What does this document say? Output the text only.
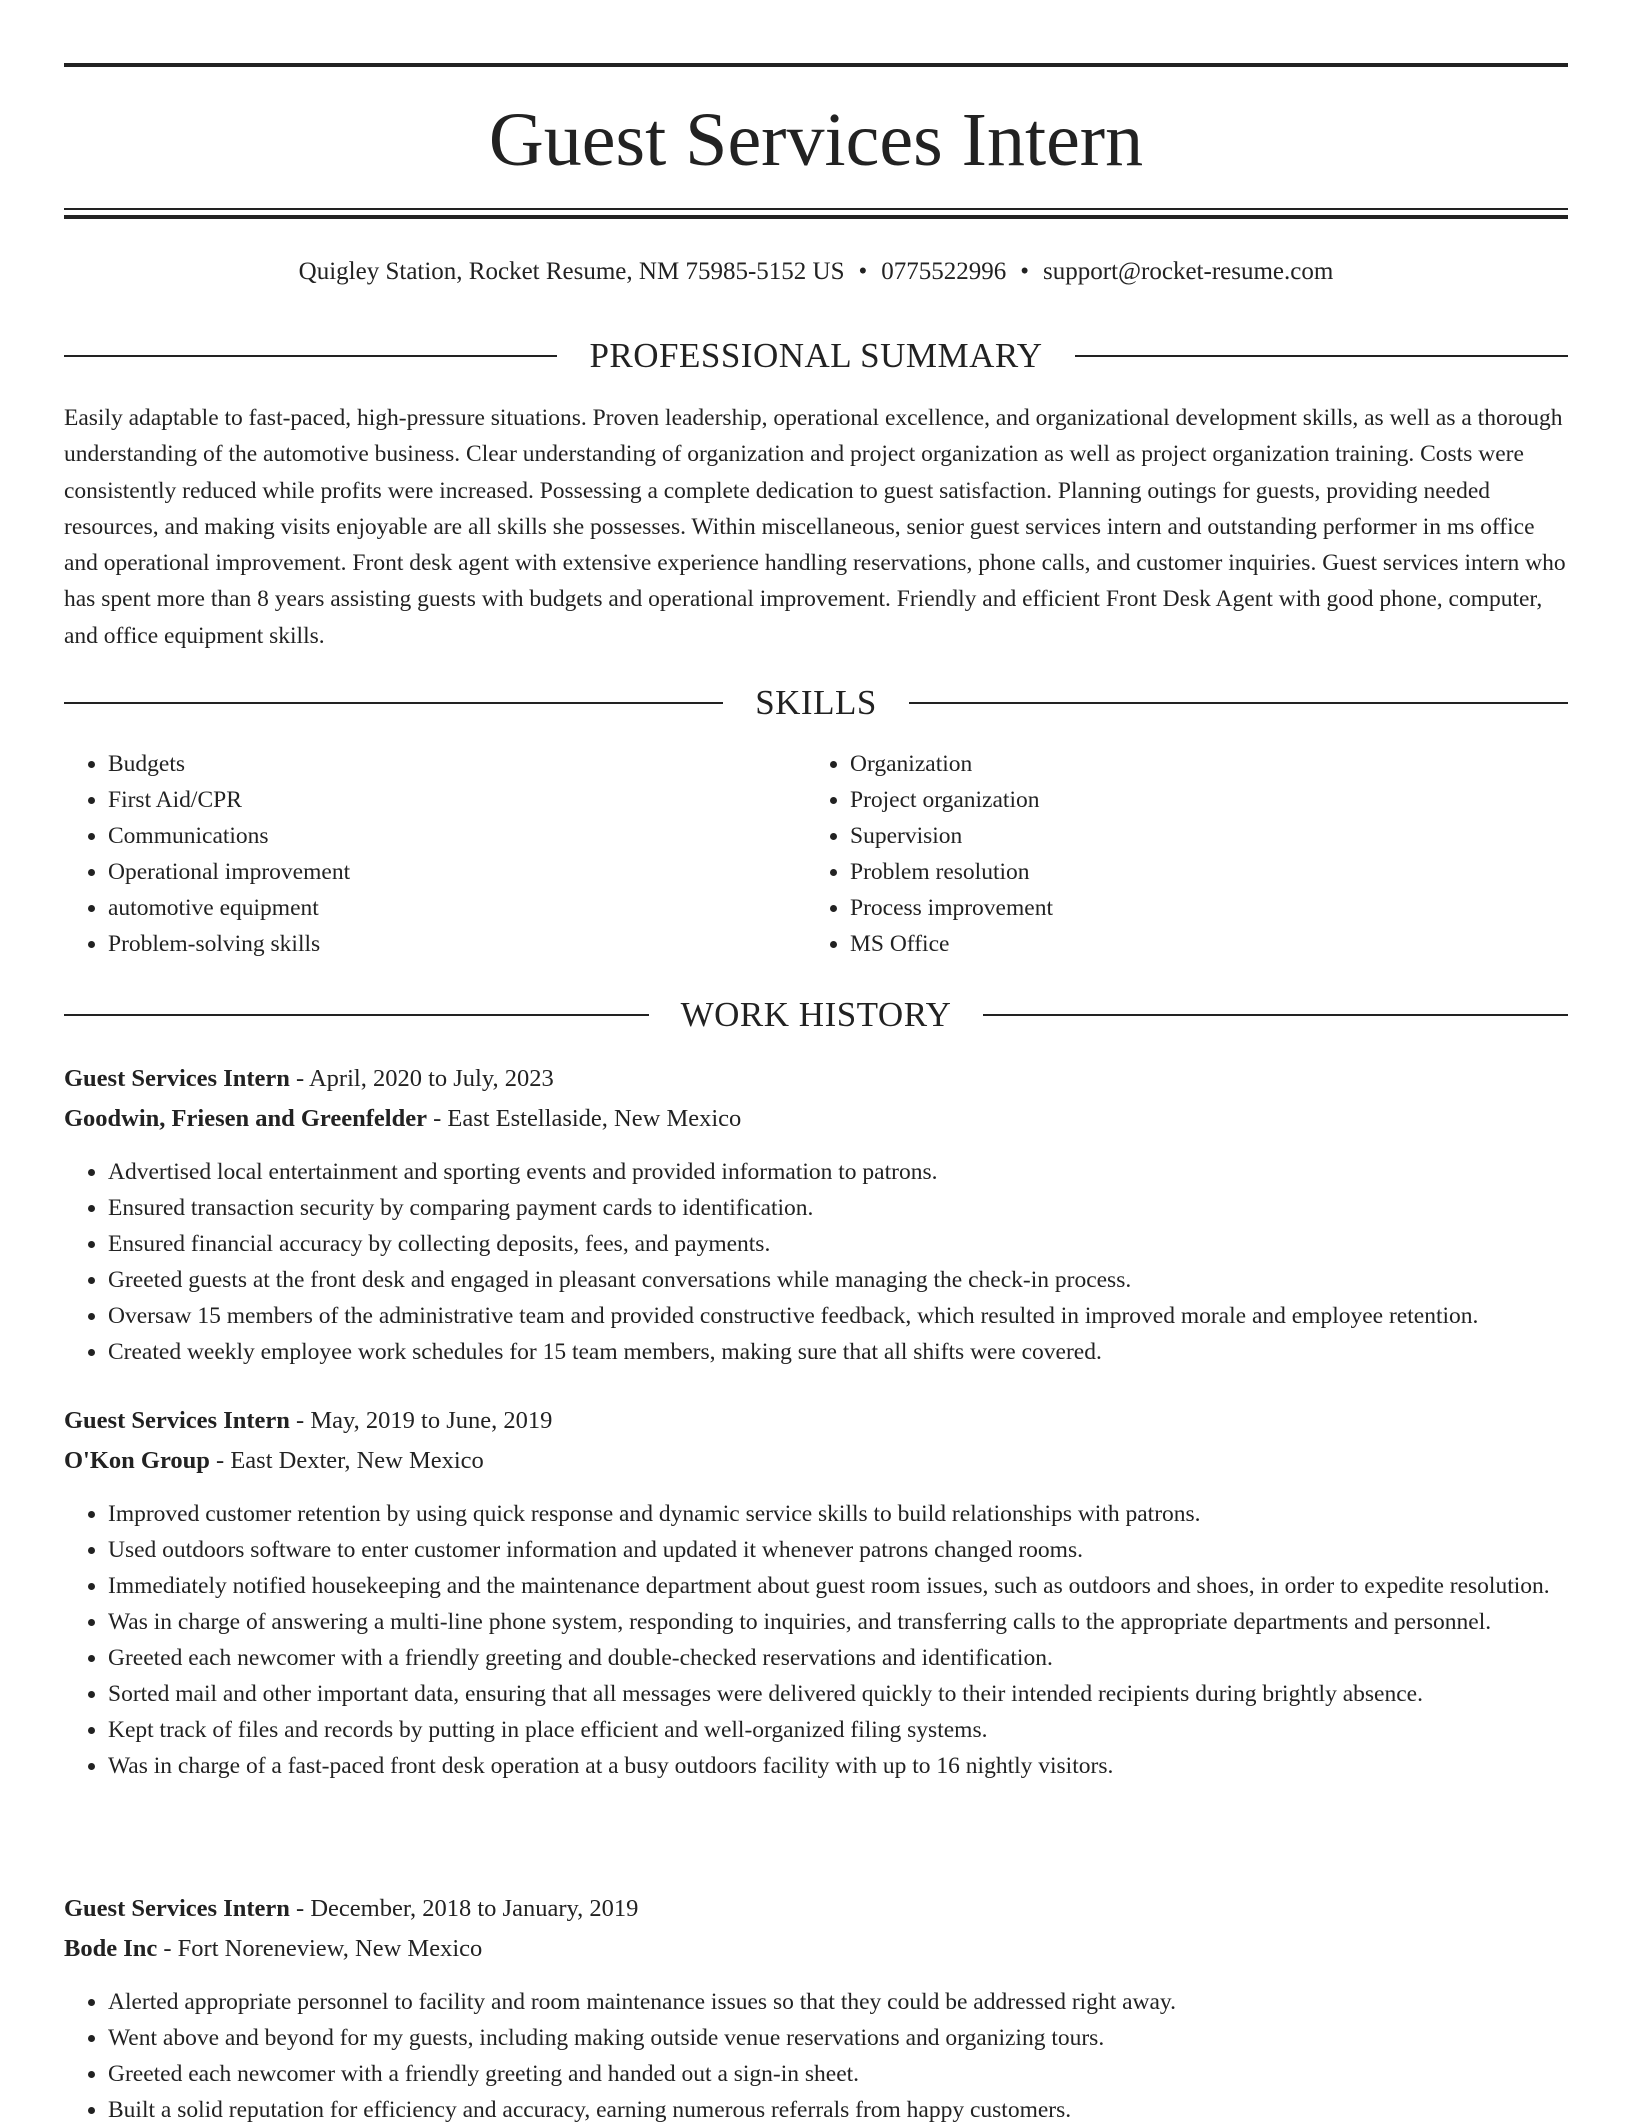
Guest Services Intern
Quigley Station, Rocket Resume, NM 75985-5152 US • 0775522996 • support@rocket-resume.com
PROFESSIONAL SUMMARY

Easily adaptable to fast-paced, high-pressure situations. Proven leadership, operational excellence, and organizational development skills, as well as a thorough understanding of the automotive business. Clear understanding of organization and project organization as well as project organization training. Costs were consistently reduced while profits were increased. Possessing a complete dedication to guest satisfaction. Planning outings for guests, providing needed resources, and making visits enjoyable are all skills she possesses. Within miscellaneous, senior guest services intern and outstanding performer in ms office and operational improvement. Front desk agent with extensive experience handling reservations, phone calls, and customer inquiries. Guest services intern who has spent more than 8 years assisting guests with budgets and operational improvement. Friendly and efficient Front Desk Agent with good phone, computer, and office equipment skills.

SKILLS
• Budgets
• First Aid/CPR
• Communications
• Operational improvement
• automotive equipment
• Problem-solving skills
• Organization
• Project organization
• Supervision
• Problem resolution
• Process improvement
• MS Office
WORK HISTORY
Guest Services Intern - April, 2020 to July, 2023
Goodwin, Friesen and Greenfelder - East Estellaside, New Mexico
• Advertised local entertainment and sporting events and provided information to patrons.
• Ensured transaction security by comparing payment cards to identification.
• Ensured financial accuracy by collecting deposits, fees, and payments.
• Greeted guests at the front desk and engaged in pleasant conversations while managing the check-in process.
• Oversaw 15 members of the administrative team and provided constructive feedback, which resulted in improved morale and employee retention.
• Created weekly employee work schedules for 15 team members, making sure that all shifts were covered.
Guest Services Intern - May, 2019 to June, 2019
O'Kon Group - East Dexter, New Mexico
• Improved customer retention by using quick response and dynamic service skills to build relationships with patrons.
• Used outdoors software to enter customer information and updated it whenever patrons changed rooms.
• Immediately notified housekeeping and the maintenance department about guest room issues, such as outdoors and shoes, in order to expedite resolution.
• Was in charge of answering a multi-line phone system, responding to inquiries, and transferring calls to the appropriate departments and personnel.
• Greeted each newcomer with a friendly greeting and double-checked reservations and identification.
• Sorted mail and other important data, ensuring that all messages were delivered quickly to their intended recipients during brightly absence.
• Kept track of files and records by putting in place efficient and well-organized filing systems.
• Was in charge of a fast-paced front desk operation at a busy outdoors facility with up to 16 nightly visitors.
Guest Services Intern - December, 2018 to January, 2019
Bode Inc - Fort Noreneview, New Mexico
• Alerted appropriate personnel to facility and room maintenance issues so that they could be addressed right away.
• Went above and beyond for my guests, including making outside venue reservations and organizing tours.
• Greeted each newcomer with a friendly greeting and handed out a sign-in sheet.
• Built a solid reputation for efficiency and accuracy, earning numerous referrals from happy customers.
